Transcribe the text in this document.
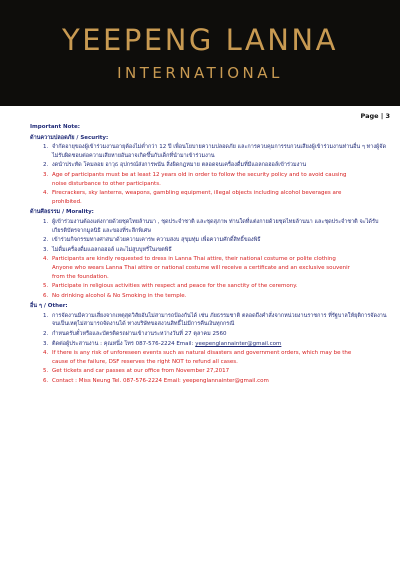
YEEPENG LANNA
INTERNATIONAL
Page | 3
Important Note:
ด้านความปลอดภัย / Security:
1. จำกัดอายุของผู้เข้าร่วมงานอายุต้องไม่ต่ำกว่า 12 ปี เพื่อนโยบายความปลอดภัย และการควบคุมการรบกวนเสียงผู้เข้าร่วมงานท่านอื่น ๆ ทางผู้จัดไม่รับผิดชอบต่อความเสียหายอันอาจเกิดขึ้นกับเด็กที่นำมาเข้าร่วมงาน
2. งดนำประทัด โคมลอย อาวุธ อุปกรณ์ส่งการพนัน สิ่งผิดกฎหมาย ตลอดจนเครื่องดื่มที่มีแอลกอฮอล์เข้าร่วมงาน
3. Age of participants must be at least 12 years old in order to follow the security policy and to avoid causing
noise disturbance to other participants.
4. Firecrackers, sky lanterns, weapons, gambling equipment, illegal objects including alcohol beverages are
prohibited.
ด้านศีลธรรม / Morality:
1. ผู้เข้าร่วมงานต้องแต่งกายด้วยชุดไทยล้านนา , ชุดประจำชาติ และชุดสุภาพ ท่านใดที่แต่งกายด้วยชุดไทยล้านนา และชุดประจำชาติ จะได้รับเกียรติบัตรจากมูลนิธิ และของที่ระลึกพิเศษ
2. เข้าร่วมกิจกรรมทางศาสนาด้วยความเคารพ ความสงบ สุขุมทุ่ม เพื่อความศักดิ์สิทธิ์ของพิธี
3. ไม่ดื่มเครื่องดื่มแอลกอฮอล์ และไม่สูบบุหรี่ในเขตพิธี
4. Participants are kindly requested to dress in Lanna Thai attire, their national costume or polite clothing
Anyone who wears Lanna Thai attire or national costume will receive a certificate and an exclusive souvenir
from the foundation.
5. Participate in religious activities with respect and peace for the sanctity of the ceremony.
6. No drinking alcohol & No Smoking in the temple.
อื่น ๆ / Other:
1. การจัดงานมีความเสี่ยงจากเหตุสุดวิสัยอันไม่สามารถป้องกันได้ เช่น ภัยธรรมชาติ ตลอดถึงคำสั่งจากหน่วยงานราชการ ที่รัฐบาลให้ยุติการจัดงาน จนเป็นเหตุไม่สามารถจัดงานได้ ทางบริษัทขอสงวนสิทธิ์ไม่มีการคืนเงินทุกกรณี
2. กำหนดรับตั๋วหรือและบัตรติดรถผ่านเข้างานระหว่างวันที่ 27 ตุลาคม 2560
3. ติดต่อผู้ประสานงาน : คุณหนึ่ง โทร 087-576-2224 Email: yeepenglannainter@gmail.com
4. If there is any risk of unforeseen events such as natural disasters and government orders, which may be the
cause of the failure, DSF reserves the right NOT to refund all cases.
5. Get tickets and car passes at our office from November 27,2017
6. Contact : Miss Neung Tel. 087-576-2224 Email: yeepenglannainter@gmail.com
